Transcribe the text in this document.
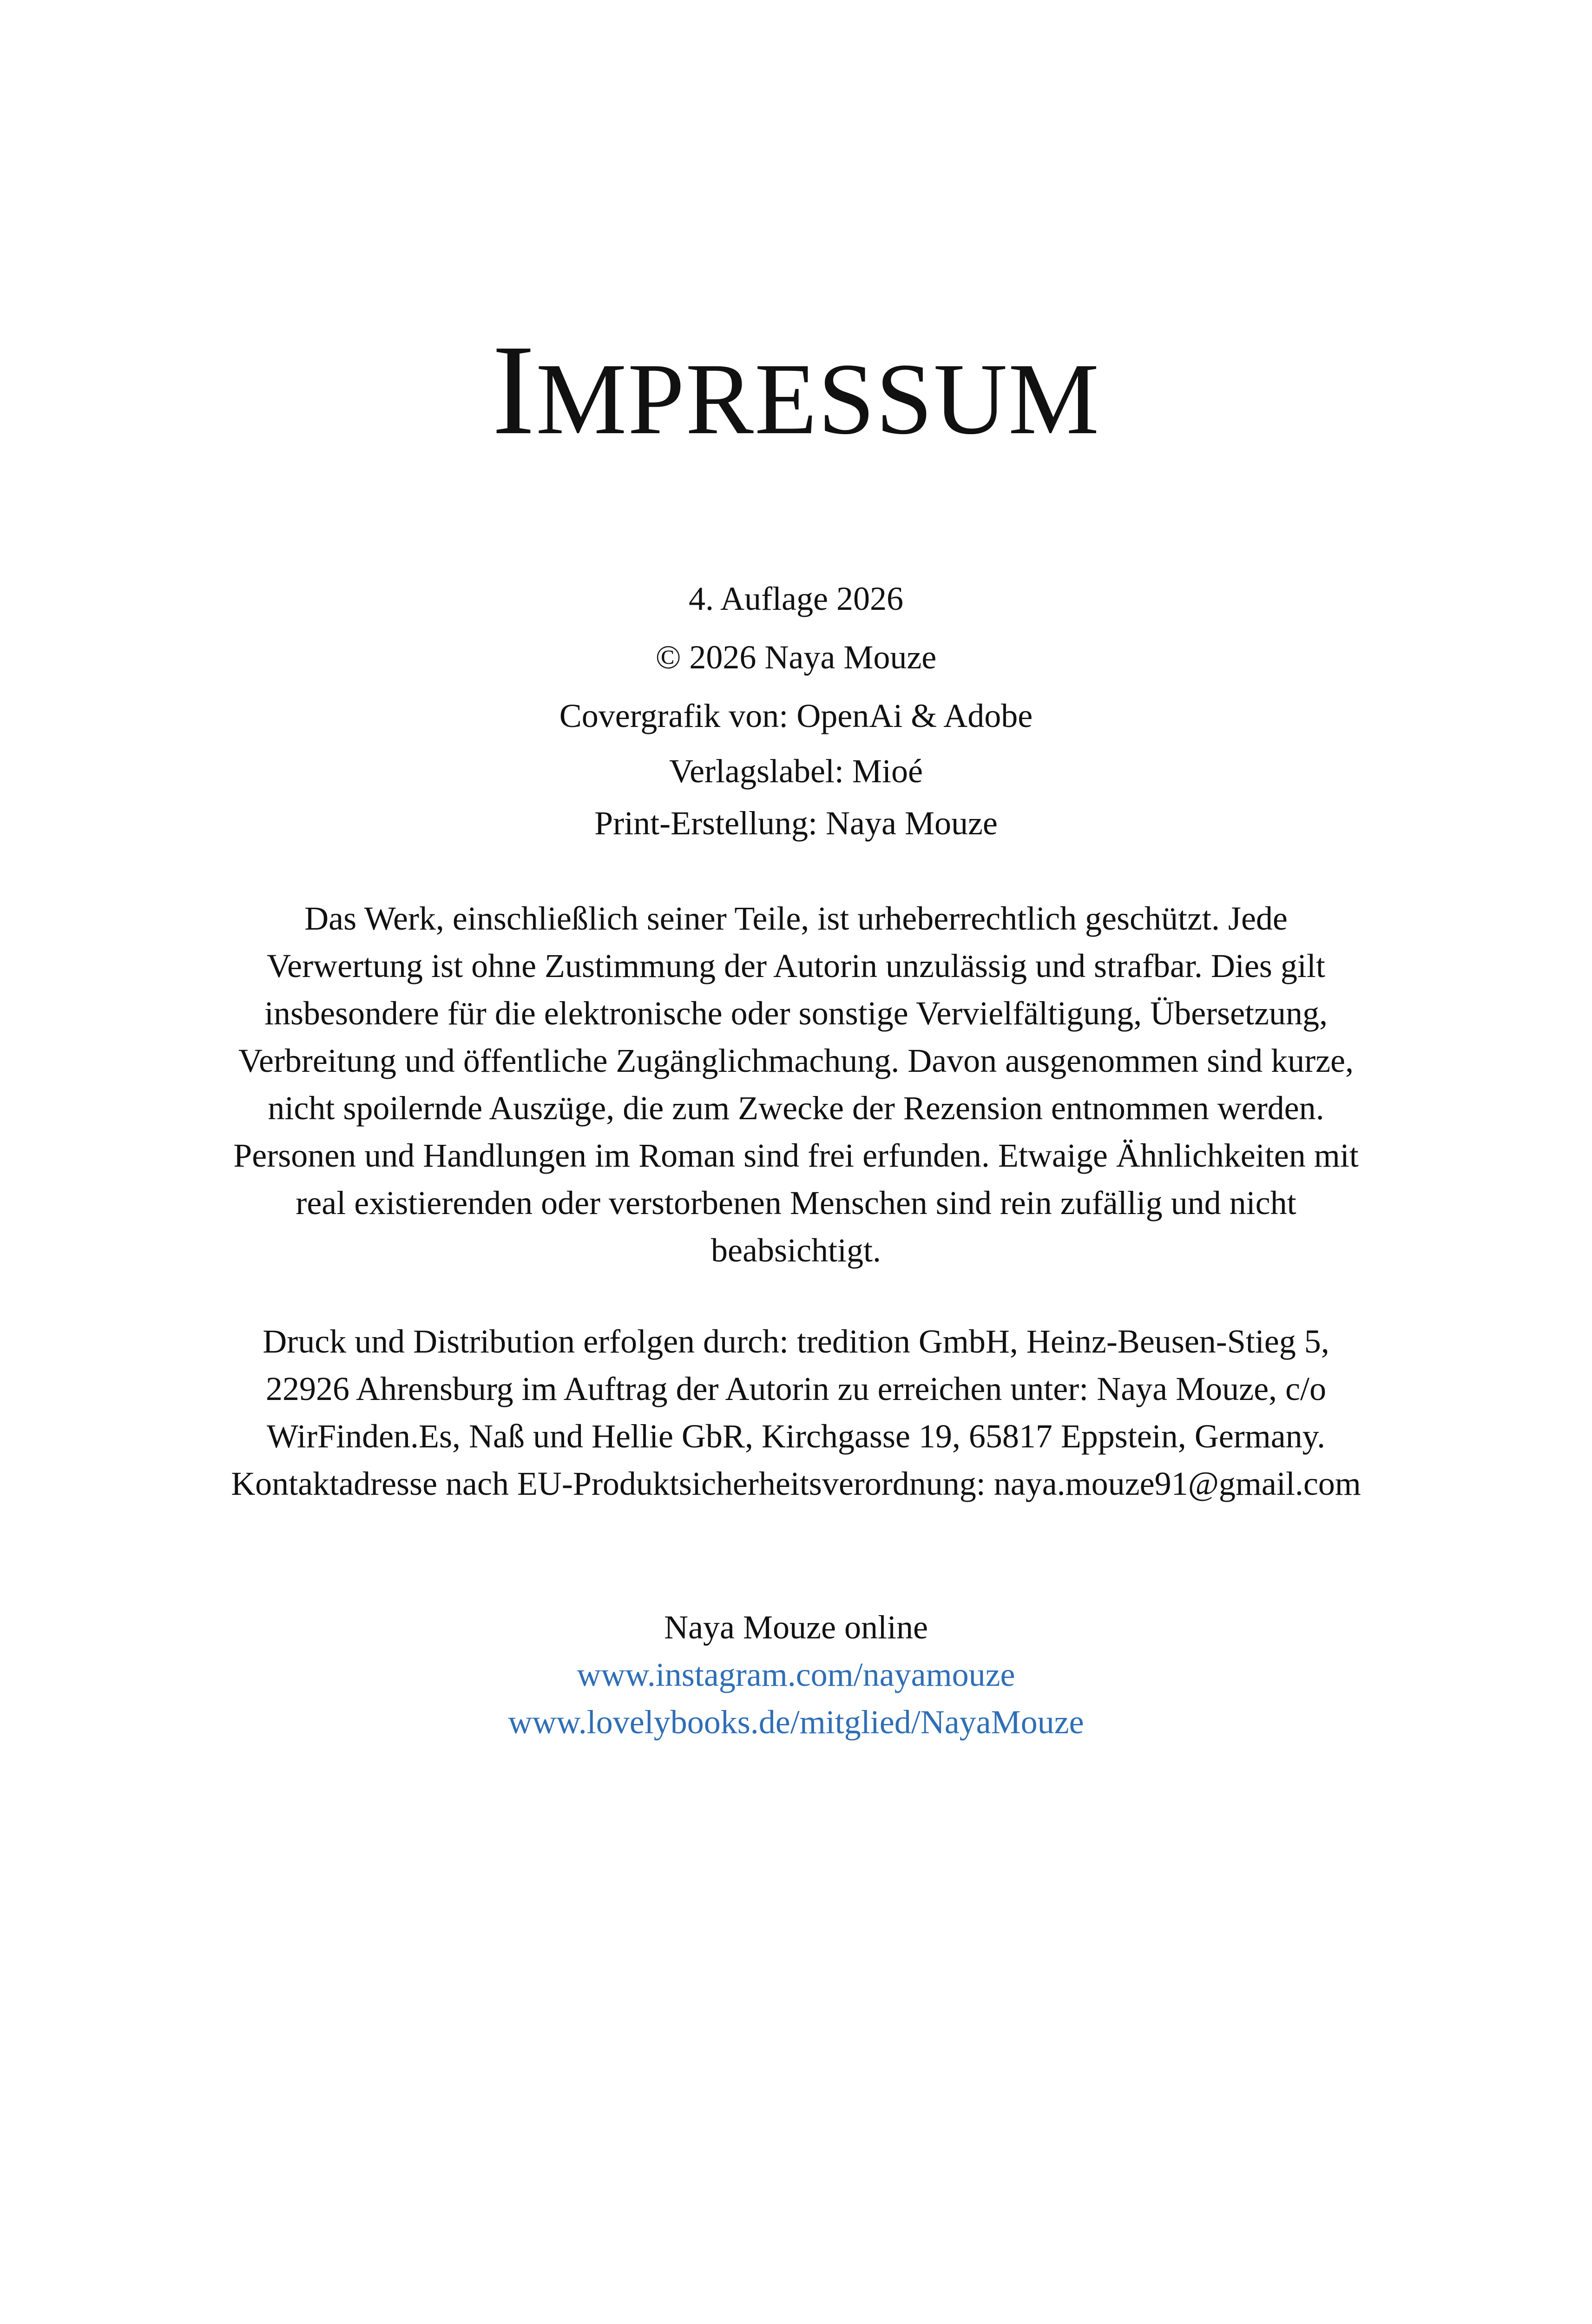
IMPRESSUM
4. Auflage 2026
© 2026 Naya Mouze
Covergrafik von: OpenAi & Adobe
Verlagslabel: Mioé
Print-Erstellung: Naya Mouze
Das Werk, einschließlich seiner Teile, ist urheberrechtlich geschützt. Jede
Verwertung ist ohne Zustimmung der Autorin unzulässig und strafbar. Dies gilt
insbesondere für die elektronische oder sonstige Vervielfältigung, Übersetzung,
Verbreitung und öffentliche Zugänglichmachung. Davon ausgenommen sind kurze,
nicht spoilernde Auszüge, die zum Zwecke der Rezension entnommen werden.
Personen und Handlungen im Roman sind frei erfunden. Etwaige Ähnlichkeiten mit
real existierenden oder verstorbenen Menschen sind rein zufällig und nicht
beabsichtigt.
Druck und Distribution erfolgen durch: tredition GmbH, Heinz-Beusen-Stieg 5,
22926 Ahrensburg im Auftrag der Autorin zu erreichen unter: Naya Mouze, c/o
WirFinden.Es, Naß und Hellie GbR, Kirchgasse 19, 65817 Eppstein, Germany.
Kontaktadresse nach EU-Produktsicherheitsverordnung: naya.mouze91@gmail.com
Naya Mouze online
www.instagram.com/nayamouze
www.lovelybooks.de/mitglied/NayaMouze
